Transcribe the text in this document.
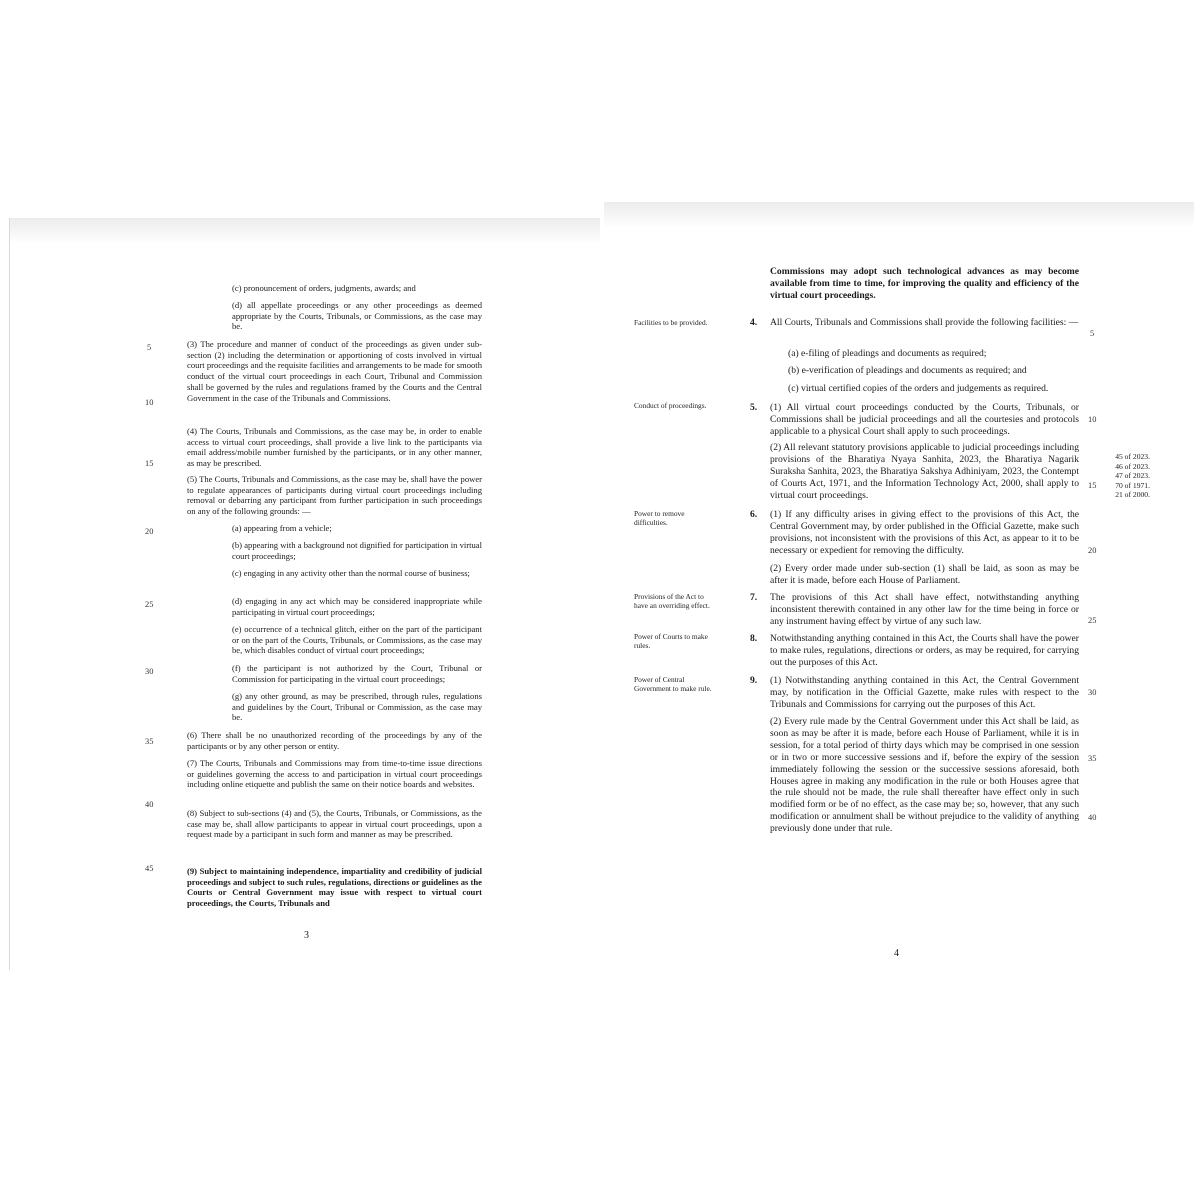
(c) pronouncement of orders, judgments, awards; and
(d) all appellate proceedings or any other proceedings as deemed appropriate by the Courts, Tribunals, or Commissions, as the case may be.
(3) The procedure and manner of conduct of the proceedings as given under sub-section (2) including the determination or apportioning of costs involved in virtual court proceedings and the requisite facilities and arrangements to be made for smooth conduct of the virtual court proceedings in each Court, Tribunal and Commission shall be governed by the rules and regulations framed by the Courts and the Central Government in the case of the Tribunals and Commissions.
(4) The Courts, Tribunals and Commissions, as the case may be, in order to enable access to virtual court proceedings, shall provide a live link to the participants via email address/mobile number furnished by the participants, or in any other manner, as may be prescribed.
(5) The Courts, Tribunals and Commissions, as the case may be, shall have the power to regulate appearances of participants during virtual court proceedings including removal or debarring any participant from further participation in such proceedings on any of the following grounds: —
(a) appearing from a vehicle;
(b) appearing with a background not dignified for participation in virtual court proceedings;
(c) engaging in any activity other than the normal course of business;
(d) engaging in any act which may be considered inappropriate while participating in virtual court proceedings;
(e) occurrence of a technical glitch, either on the part of the participant or on the part of the Courts, Tribunals, or Commissions, as the case may be, which disables conduct of virtual court proceedings;
(f) the participant is not authorized by the Court, Tribunal or Commission for participating in the virtual court proceedings;
(g) any other ground, as may be prescribed, through rules, regulations and guidelines by the Court, Tribunal or Commission, as the case may be.
(6) There shall be no unauthorized recording of the proceedings by any of the participants or by any other person or entity.
(7) The Courts, Tribunals and Commissions may from time-to-time issue directions or guidelines governing the access to and participation in virtual court proceedings including online etiquette and publish the same on their notice boards and websites.
(8) Subject to sub-sections (4) and (5), the Courts, Tribunals, or Commissions, as the case may be, shall allow participants to appear in virtual court proceedings, upon a request made by a participant in such form and manner as may be prescribed.
(9) Subject to maintaining independence, impartiality and credibility of judicial proceedings and subject to such rules, regulations, directions or guidelines as the Courts or Central Government may issue with respect to virtual court proceedings, the Courts, Tribunals and
5
10
15
20
25
30
35
40
45
3
Commissions may adopt such technological advances as may become available from time to time, for improving the quality and efficiency of the virtual court proceedings.
Facilities to be provided.	4. All Courts, Tribunals and Commissions shall provide the following facilities: —
(a) e-filing of pleadings and documents as required;
(b) e-verification of pleadings and documents as required; and
(c) virtual certified copies of the orders and judgements as required.
Conduct of proceedings.	5. (1) All virtual court proceedings conducted by the Courts, Tribunals, or Commissions shall be judicial proceedings and all the courtesies and protocols applicable to a physical Court shall apply to such proceedings.
(2) All relevant statutory provisions applicable to judicial proceedings including provisions of the Bharatiya Nyaya Sanhita, 2023, the Bharatiya Nagarik Suraksha Sanhita, 2023, the Bharatiya Sakshya Adhiniyam, 2023, the Contempt of Courts Act, 1971, and the Information Technology Act, 2000, shall apply to virtual court proceedings.
45 of 2023.
46 of 2023.
47 of 2023.
70 of 1971.
21 of 2000.
Power to remove difficulties.
6. (1) If any difficulty arises in giving effect to the provisions of this Act, the Central Government may, by order published in the Official Gazette, make such provisions, not inconsistent with the provisions of this Act, as appear to it to be necessary or expedient for removing the difficulty.
(2) Every order made under sub-section (1) shall be laid, as soon as may be after it is made, before each House of Parliament.
Provisions of the Act to have an overriding effect.
7. The provisions of this Act shall have effect, notwithstanding anything inconsistent therewith contained in any other law for the time being in force or any instrument having effect by virtue of any such law.
Power of Courts to make rules.
8. Notwithstanding anything contained in this Act, the Courts shall have the power to make rules, regulations, directions or orders, as may be required, for carrying out the purposes of this Act.
Power of Central Government to make rule.
9. (1) Notwithstanding anything contained in this Act, the Central Government may, by notification in the Official Gazette, make rules with respect to the Tribunals and Commissions for carrying out the purposes of this Act.
(2) Every rule made by the Central Government under this Act shall be laid, as soon as may be after it is made, before each House of Parliament, while it is in session, for a total period of thirty days which may be comprised in one session or in two or more successive sessions and if, before the expiry of the session immediately following the session or the successive sessions aforesaid, both Houses agree in making any modification in the rule or both Houses agree that the rule should not be made, the rule shall thereafter have effect only in such modified form or be of no effect, as the case may be; so, however, that any such modification or annulment shall be without prejudice to the validity of anything previously done under that rule.
5
10
15
20
25
30
35
40
4
